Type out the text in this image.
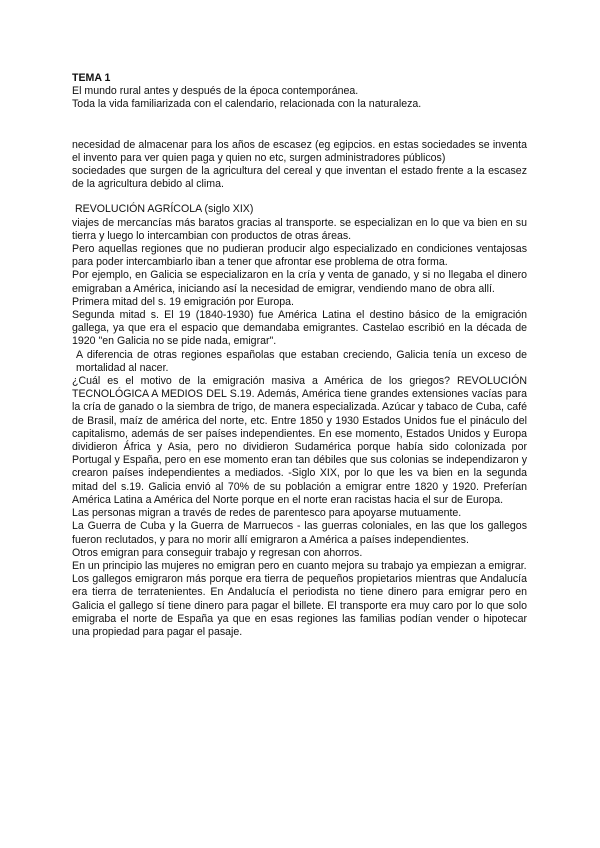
TEMA 1

El mundo rural antes y después de la época contemporánea.

Toda la vida familiarizada con el calendario, relacionada con la naturaleza.

necesidad de almacenar para los años de escasez (eg egipcios. en estas sociedades se inventa el invento para ver quien paga y quien no etc, surgen administradores públicos)

sociedades que surgen de la agricultura del cereal y que inventan el estado frente a la escasez de la agricultura debido al clima.

REVOLUCIÓN AGRÍCOLA (siglo XIX)

viajes de mercancías más baratos gracias al transporte. se especializan en lo que va bien en su tierra y luego lo intercambian con productos de otras áreas.

Pero aquellas regiones que no pudieran producir algo especializado en condiciones ventajosas para poder intercambiarlo iban a tener que afrontar ese problema de otra forma.

Por ejemplo, en Galicia se especializaron en la cría y venta de ganado, y si no llegaba el dinero emigraban a América, iniciando así la necesidad de emigrar, vendiendo mano de obra allí.

Primera mitad del s. 19 emigración por Europa.

Segunda mitad s. El 19 (1840-1930) fue América Latina el destino básico de la emigración gallega, ya que era el espacio que demandaba emigrantes. Castelao escribió en la década de 1920 "en Galicia no se pide nada, emigrar".

A diferencia de otras regiones españolas que estaban creciendo, Galicia tenía un exceso de mortalidad al nacer.

¿Cuál es el motivo de la emigración masiva a América de los griegos? REVOLUCIÓN TECNOLÓGICA A MEDIOS DEL S.19. Además, América tiene grandes extensiones vacías para la cría de ganado o la siembra de trigo, de manera especializada. Azúcar y tabaco de Cuba, café de Brasil, maíz de américa del norte, etc. Entre 1850 y 1930 Estados Unidos fue el pináculo del capitalismo, además de ser países independientes. En ese momento, Estados Unidos y Europa dividieron África y Asia, pero no dividieron Sudamérica porque había sido colonizada por Portugal y España, pero en ese momento eran tan débiles que sus colonias se independizaron y crearon países independientes a mediados. -Siglo XIX, por lo que les va bien en la segunda mitad del s.19. Galicia envió al 70% de su población a emigrar entre 1820 y 1920. Preferían América Latina a América del Norte porque en el norte eran racistas hacia el sur de Europa.

Las personas migran a través de redes de parentesco para apoyarse mutuamente.

La Guerra de Cuba y la Guerra de Marruecos - las guerras coloniales, en las que los gallegos fueron reclutados, y para no morir allí emigraron a América a países independientes.

Otros emigran para conseguir trabajo y regresan con ahorros.

En un principio las mujeres no emigran pero en cuanto mejora su trabajo ya empiezan a emigrar.

Los gallegos emigraron más porque era tierra de pequeños propietarios mientras que Andalucía era tierra de terratenientes. En Andalucía el periodista no tiene dinero para emigrar pero en Galicia el gallego sí tiene dinero para pagar el billete. El transporte era muy caro por lo que solo emigraba el norte de España ya que en esas regiones las familias podían vender o hipotecar una propiedad para pagar el pasaje.
